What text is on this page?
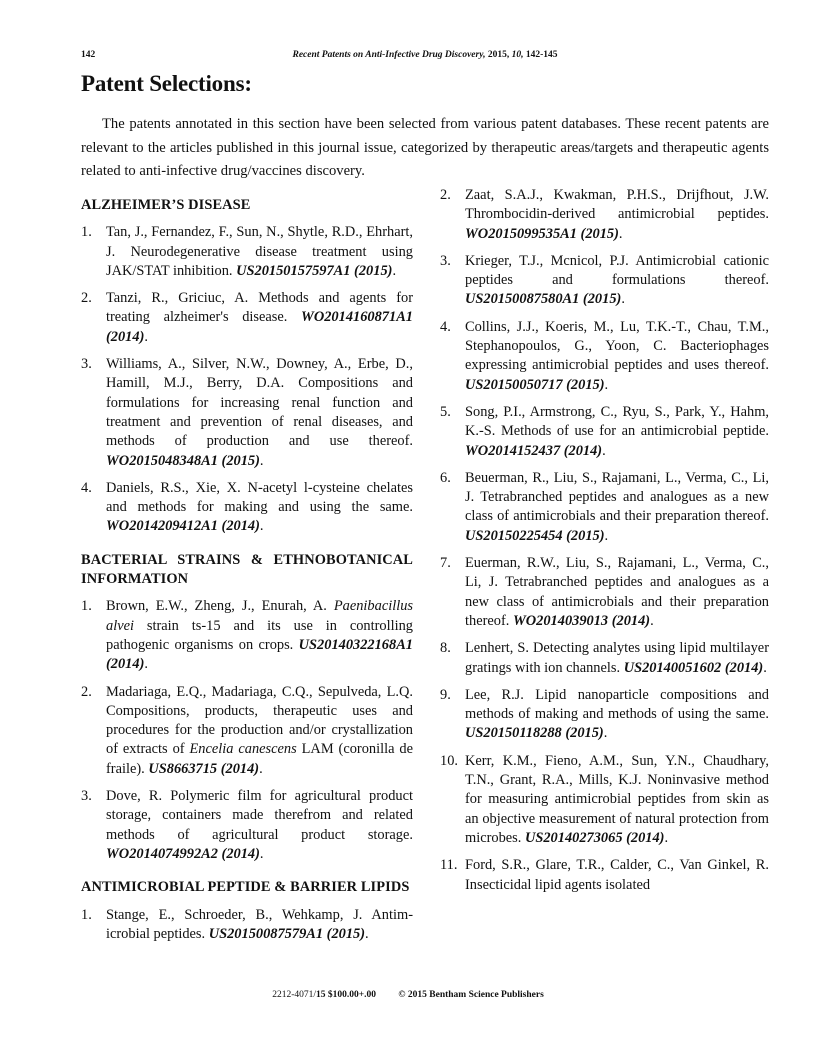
142	Recent Patents on Anti-Infective Drug Discovery, 2015, 10, 142-145
Patent Selections:

The patents annotated in this section have been selected from various patent databases. These recent patents are relevant to the articles published in this journal issue, categorized by therapeutic areas/targets and therapeutic agents related to anti-infective drug/vaccines discovery.

ALZHEIMER’S DISEASE
1. Tan, J., Fernandez, F., Sun, N., Shytle, R.D., Ehrhart, J. Neurodegenerative disease treatment using JAK/STAT inhibition. US20150157597A1 (2015).
2. Tanzi, R., Griciuc, A. Methods and agents for treating alzheimer's disease. WO2014160871A1 (2014).
3. Williams, A., Silver, N.W., Downey, A., Erbe, D., Hamill, M.J., Berry, D.A. Compositions and formulations for increasing renal function and treatment and prevention of renal diseases, and methods of production and use thereof. WO2015048348A1 (2015).
4. Daniels, R.S., Xie, X. N-acetyl l-cysteine chelates and methods for making and using the same. WO2014209412A1 (2014).
BACTERIAL STRAINS & ETHNOBOTANICAL INFORMATION
1. Brown, E.W., Zheng, J., Enurah, A. Paenibacillus alvei strain ts-15 and its use in controlling pathogenic organisms on crops. US20140322168A1 (2014).
2. Madariaga, E.Q., Madariaga, C.Q., Sepulveda, L.Q. Compositions, products, therapeutic uses and procedures for the production and/or crystallization of extracts of Encelia canescens LAM (coronilla de fraile). US8663715 (2014).
3. Dove, R. Polymeric film for agricultural product storage, containers made therefrom and related methods of agricultural product storage. WO2014074992A2 (2014).
ANTIMICROBIAL PEPTIDE & BARRIER LIPIDS
1. Stange, E., Schroeder, B., Wehkamp, J. Antimicrobial peptides. US20150087579A1 (2015).
2. Zaat, S.A.J., Kwakman, P.H.S., Drijfhout, J.W. Thrombocidin-derived antimicrobial peptides. WO2015099535A1 (2015).
3. Krieger, T.J., Mcnicol, P.J. Antimicrobial cationic peptides and formulations thereof. US20150087580A1 (2015).
4. Collins, J.J., Koeris, M., Lu, T.K.-T., Chau, T.M., Stephanopoulos, G., Yoon, C. Bacteriophages expressing antimicrobial peptides and uses thereof. US20150050717 (2015).
5. Song, P.I., Armstrong, C., Ryu, S., Park, Y., Hahm, K.-S. Methods of use for an antimicrobial peptide. WO2014152437 (2014).
6. Beuerman, R., Liu, S., Rajamani, L., Verma, C., Li, J. Tetrabranched peptides and analogues as a new class of antimicrobials and their preparation thereof. US20150225454 (2015).
7. Euerman, R.W., Liu, S., Rajamani, L., Verma, C., Li, J. Tetrabranched peptides and analogues as a new class of antimicrobials and their preparation thereof. WO2014039013 (2014).
8. Lenhert, S. Detecting analytes using lipid multilayer gratings with ion channels. US20140051602 (2014).
9. Lee, R.J. Lipid nanoparticle compositions and methods of making and methods of using the same. US20150118288 (2015).
10. Kerr, K.M., Fieno, A.M., Sun, Y.N., Chaudhary, T.N., Grant, R.A., Mills, K.J. Noninvasive method for measuring antimicrobial peptides from skin as an objective measurement of natural protection from microbes. US20140273065 (2014).
11. Ford, S.R., Glare, T.R., Calder, C., Van Ginkel, R. Insecticidal lipid agents isolated
2212-4071/15 $100.00+.00 © 2015 Bentham Science Publishers
